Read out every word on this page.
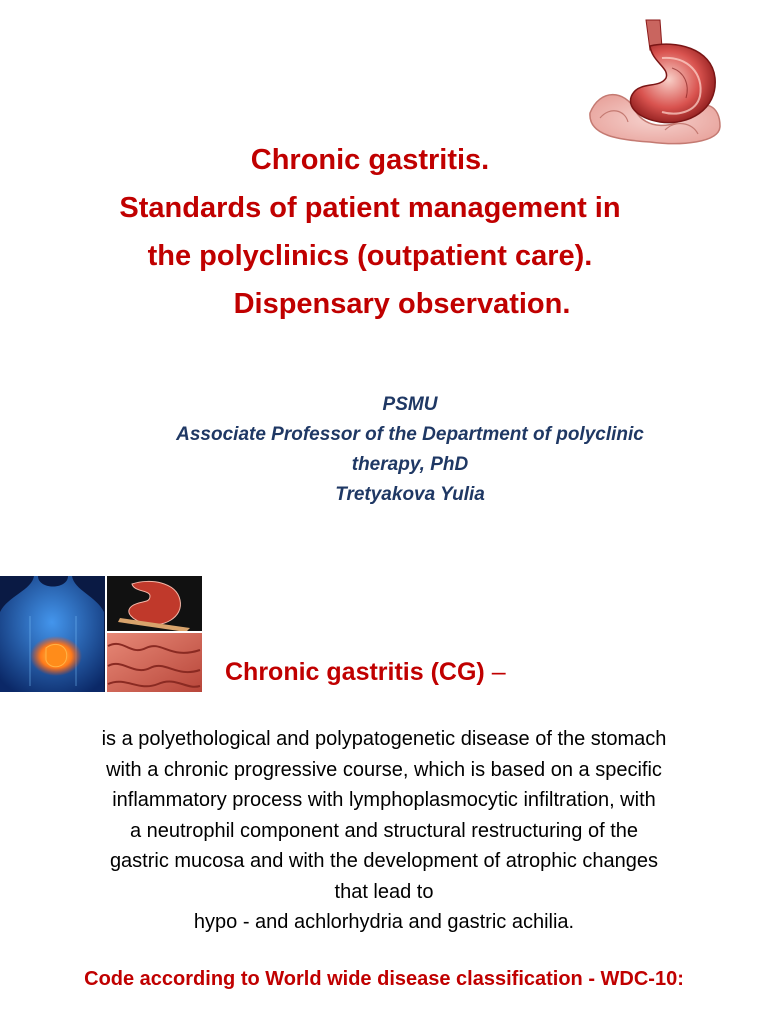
Chronic gastritis.
Standards of patient management in
the polyclinics (outpatient care).
Dispensary observation.
PSMU
Associate Professor of the Department of polyclinic
therapy, PhD
Tretyakova Yulia
Chronic gastritis (CG) –
is a polyethological and polypatogenetic disease of the stomach
with a chronic progressive course, which is based on a specific
inflammatory process with lymphoplasmocytic infiltration, with
a neutrophil component and structural restructuring of the
gastric mucosa and with the development of atrophic changes
that lead to
hypo - and achlorhydria and gastric achilia.

Code according to World wide disease classification - WDC-10:
